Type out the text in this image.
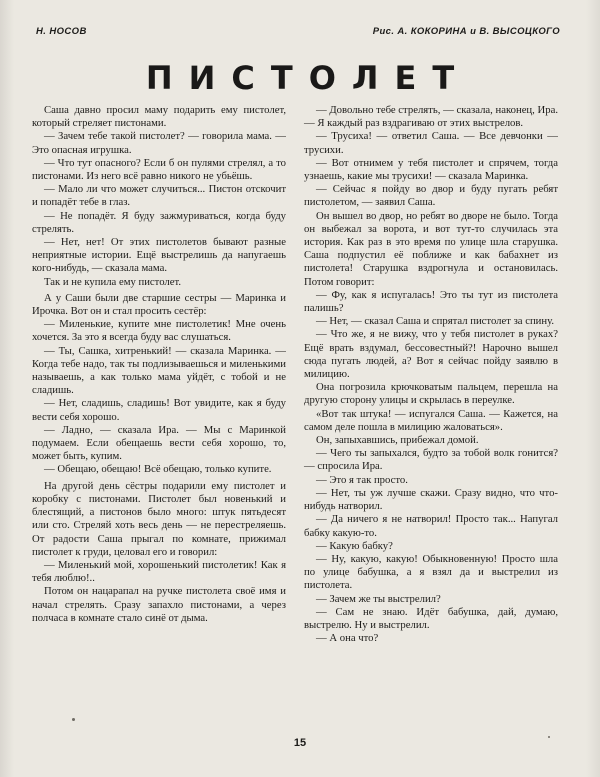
Н. НОСОВ	Рис. А. КОКОРИНА и В. ВЫСОЦКОГО
ПИСТОЛЕТ

Саша давно просил маму подарить ему пистолет, который стреляет пистонами.

— Зачем тебе такой пистолет? — говорила мама. — Это опасная игрушка.

— Что тут опасного? Если б он пулями стрелял, а то пистонами. Из него всё равно никого не убьёшь.

— Мало ли что может случиться... Пистон отскочит и попадёт тебе в глаз.

— Не попадёт. Я буду зажмуриваться, когда буду стрелять.

— Нет, нет! От этих пистолетов бывают разные неприятные истории. Ещё выстрелишь да напугаешь кого-нибудь, — сказала мама.

Так и не купила ему пистолет.

А у Саши были две старшие сестры — Маринка и Ирочка. Вот он и стал просить сестёр:

— Миленькие, купите мне пистолетик! Мне очень хочется. За это я всегда буду вас слушаться.

— Ты, Сашка, хитренький! — сказала Маринка. — Когда тебе надо, так ты подлизываешься и миленькими называешь, а как только мама уйдёт, с тобой и не сладишь.

— Нет, сладишь, сладишь! Вот увидите, как я буду вести себя хорошо.

— Ладно, — сказала Ира. — Мы с Маринкой подумаем. Если обещаешь вести себя хорошо, то, может быть, купим.

— Обещаю, обещаю! Всё обещаю, только купите.

На другой день сёстры подарили ему пистолет и коробку с пистонами. Пистолет был новенький и блестящий, а пистонов было много: штук пятьдесят или сто. Стреляй хоть весь день — не перестреляешь. От радости Саша прыгал по комнате, прижимал пистолет к груди, целовал его и говорил:

— Миленький мой, хорошенький пистолетик! Как я тебя люблю!..

Потом он нацарапал на ручке пистолета своё имя и начал стрелять. Сразу запахло пистонами, а через полчаса в комнате стало синё от дыма.

— Довольно тебе стрелять, — сказала, наконец, Ира. — Я каждый раз вздрагиваю от этих выстрелов.

— Трусиха! — ответил Саша. — Все девчонки — трусихи.

— Вот отнимем у тебя пистолет и спрячем, тогда узнаешь, какие мы трусихи! — сказала Маринка.

— Сейчас я пойду во двор и буду пугать ребят пистолетом, — заявил Саша.

Он вышел во двор, но ребят во дворе не было. Тогда он выбежал за ворота, и вот тут-то случилась эта история. Как раз в это время по улице шла старушка. Саша подпустил её поближе и как бабахнет из пистолета! Старушка вздрогнула и остановилась. Потом говорит:

— Фу, как я испугалась! Это ты тут из пистолета палишь?

— Нет, — сказал Саша и спрятал пистолет за спину.

— Что же, я не вижу, что у тебя пистолет в руках? Ещё врать вздумал, бессовестный?! Нарочно вышел сюда пугать людей, а? Вот я сейчас пойду заявлю в милицию.

Она погрозила крючковатым пальцем, перешла на другую сторону улицы и скрылась в переулке.

«Вот так штука! — испугался Саша. — Кажется, на самом деле пошла в милицию жаловаться».

Он, запыхавшись, прибежал домой.

— Чего ты запыхался, будто за тобой волк гонится? — спросила Ира.

— Это я так просто.

— Нет, ты уж лучше скажи. Сразу видно, что что-нибудь натворил.

— Да ничего я не натворил! Просто так... Напугал бабку какую-то.

— Какую бабку?

— Ну, какую, какую! Обыкновенную! Просто шла по улице бабушка, а я взял да и выстрелил из пистолета.

— Зачем же ты выстрелил?

— Сам не знаю. Идёт бабушка, дай, думаю, выстрелю. Ну и выстрелил.

— А она что?

15
